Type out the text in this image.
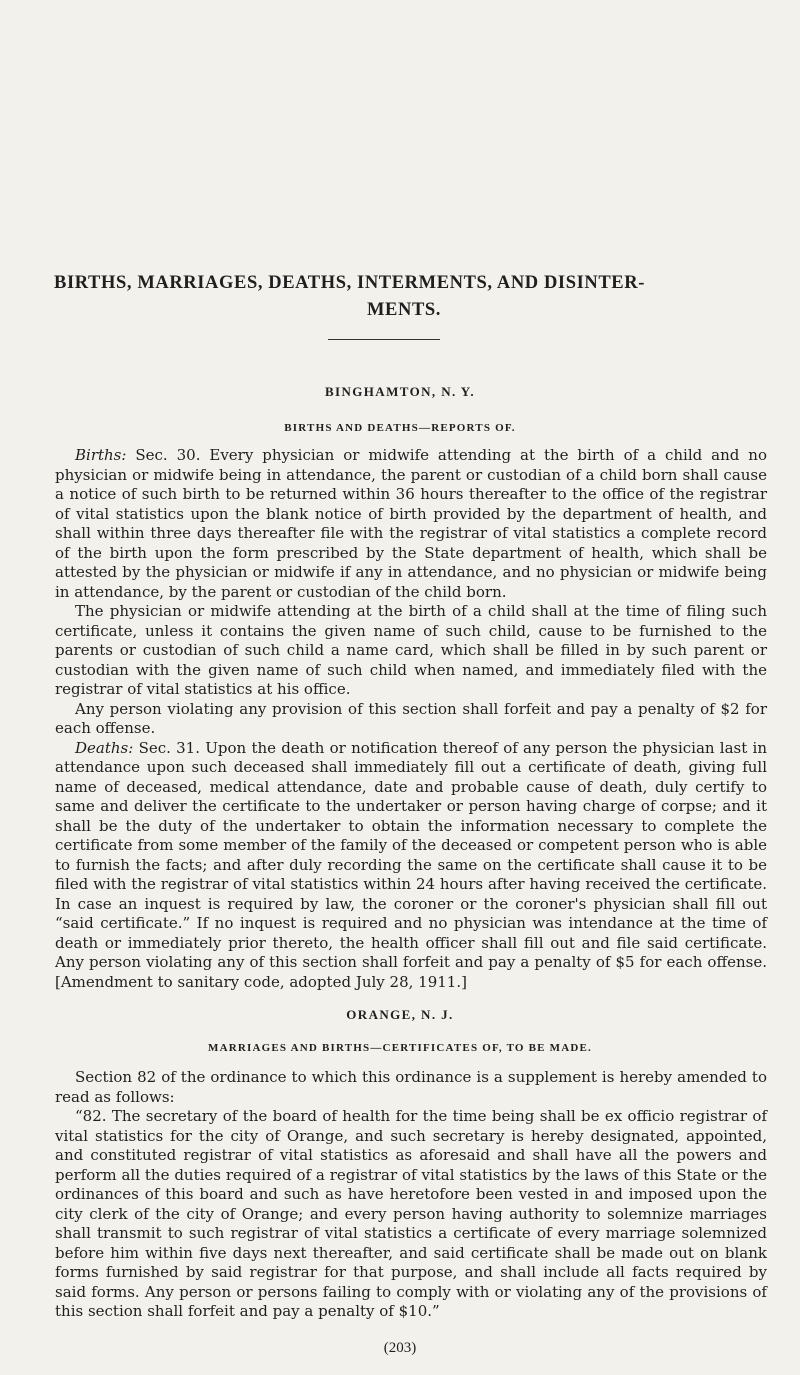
BIRTHS, MARRIAGES, DEATHS, INTERMENTS, AND DISINTER-
MENTS.
BINGHAMTON, N. Y.
BIRTHS AND DEATHS—REPORTS OF.

Births: Sec. 30. Every physician or midwife attending at the birth of a child and no physician or midwife being in attendance, the parent or custodian of a child born shall cause a notice of such birth to be returned within 36 hours thereafter to the office of the registrar of vital statistics upon the blank notice of birth provided by the department of health, and shall within three days thereafter file with the registrar of vital statistics a complete record of the birth upon the form prescribed by the State department of health, which shall be attested by the physician or midwife if any in attendance, and no physician or midwife being in attendance, by the parent or custodian of the child born.

The physician or midwife attending at the birth of a child shall at the time of filing such certificate, unless it contains the given name of such child, cause to be furnished to the parents or custodian of such child a name card, which shall be filled in by such parent or custodian with the given name of such child when named, and immediately filed with the registrar of vital statistics at his office.

Any person violating any provision of this section shall forfeit and pay a penalty of $2 for each offense.

Deaths: Sec. 31. Upon the death or notification thereof of any person the physician last in attendance upon such deceased shall immediately fill out a certificate of death, giving full name of deceased, medical attendance, date and probable cause of death, duly certify to same and deliver the certificate to the undertaker or person having charge of corpse; and it shall be the duty of the undertaker to obtain the information necessary to complete the certificate from some member of the family of the deceased or competent person who is able to furnish the facts; and after duly recording the same on the certificate shall cause it to be filed with the registrar of vital statistics within 24 hours after having received the certificate. In case an inquest is required by law, the coroner or the coroner's physician shall fill out “said certificate.” If no inquest is required and no physician was intendance at the time of death or immediately prior thereto, the health officer shall fill out and file said certificate. Any person violating any of this section shall forfeit and pay a penalty of $5 for each offense. [Amendment to sanitary code, adopted July 28, 1911.]

ORANGE, N. J.
MARRIAGES AND BIRTHS—CERTIFICATES OF, TO BE MADE.

Section 82 of the ordinance to which this ordinance is a supplement is hereby amended to read as follows:

“82. The secretary of the board of health for the time being shall be ex officio registrar of vital statistics for the city of Orange, and such secretary is hereby designated, appointed, and constituted registrar of vital statistics as aforesaid and shall have all the powers and perform all the duties required of a registrar of vital statistics by the laws of this State or the ordinances of this board and such as have heretofore been vested in and imposed upon the city clerk of the city of Orange; and every person having authority to solemnize marriages shall transmit to such registrar of vital statistics a certificate of every marriage solemnized before him within five days next thereafter, and said certificate shall be made out on blank forms furnished by said registrar for that purpose, and shall include all facts required by said forms. Any person or persons failing to comply with or violating any of the provisions of this section shall forfeit and pay a penalty of $10.”

(203)
